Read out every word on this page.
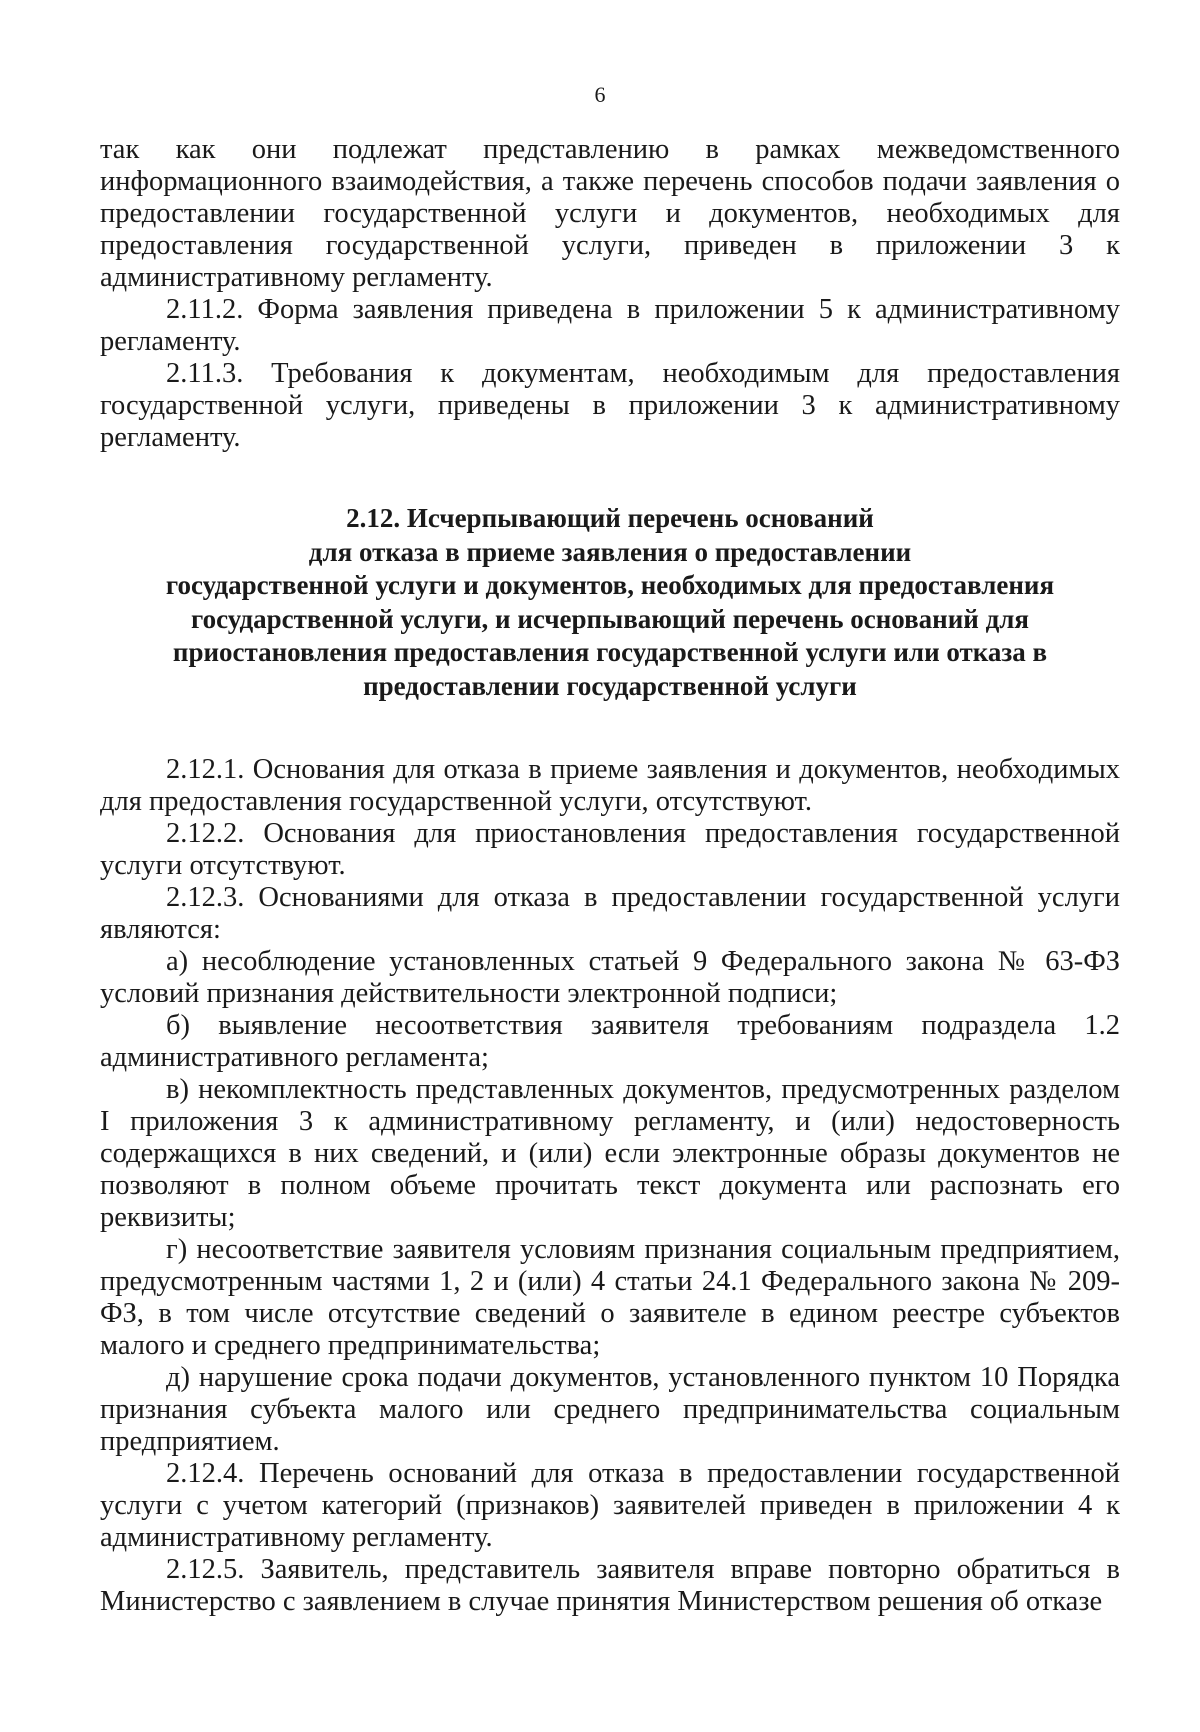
6

так как они подлежат представлению в рамках межведомственного информационного взаимодействия, а также перечень способов подачи заявления о предоставлении государственной услуги и документов, необходимых для предоставления государственной услуги, приведен в приложении 3 к административному регламенту.

2.11.2. Форма заявления приведена в приложении 5 к административному регламенту.

2.11.3. Требования к документам, необходимым для предоставления государственной услуги, приведены в приложении 3 к административному регламенту.

2.12. Исчерпывающий перечень оснований
для отказа в приеме заявления о предоставлении
государственной услуги и документов, необходимых для предоставления
государственной услуги, и исчерпывающий перечень оснований для
приостановления предоставления государственной услуги или отказа в
предоставлении государственной услуги

2.12.1. Основания для отказа в приеме заявления и документов, необходимых для предоставления государственной услуги, отсутствуют.

2.12.2. Основания для приостановления предоставления государственной услуги отсутствуют.

2.12.3. Основаниями для отказа в предоставлении государственной услуги являются:

а) несоблюдение установленных статьей 9 Федерального закона № 63-ФЗ условий признания действительности электронной подписи;

б) выявление несоответствия заявителя требованиям подраздела 1.2 административного регламента;

в) некомплектность представленных документов, предусмотренных разделом I приложения 3 к административному регламенту, и (или) недостоверность содержащихся в них сведений, и (или) если электронные образы документов не позволяют в полном объеме прочитать текст документа или распознать его реквизиты;

г) несоответствие заявителя условиям признания социальным предприятием, предусмотренным частями 1, 2 и (или) 4 статьи 24.1 Федерального закона № 209-ФЗ, в том числе отсутствие сведений о заявителе в едином реестре субъектов малого и среднего предпринимательства;

д) нарушение срока подачи документов, установленного пунктом 10 Порядка признания субъекта малого или среднего предпринимательства социальным предприятием.

2.12.4. Перечень оснований для отказа в предоставлении государственной услуги с учетом категорий (признаков) заявителей приведен в приложении 4 к административному регламенту.

2.12.5. Заявитель, представитель заявителя вправе повторно обратиться в Министерство с заявлением в случае принятия Министерством решения об отказе
